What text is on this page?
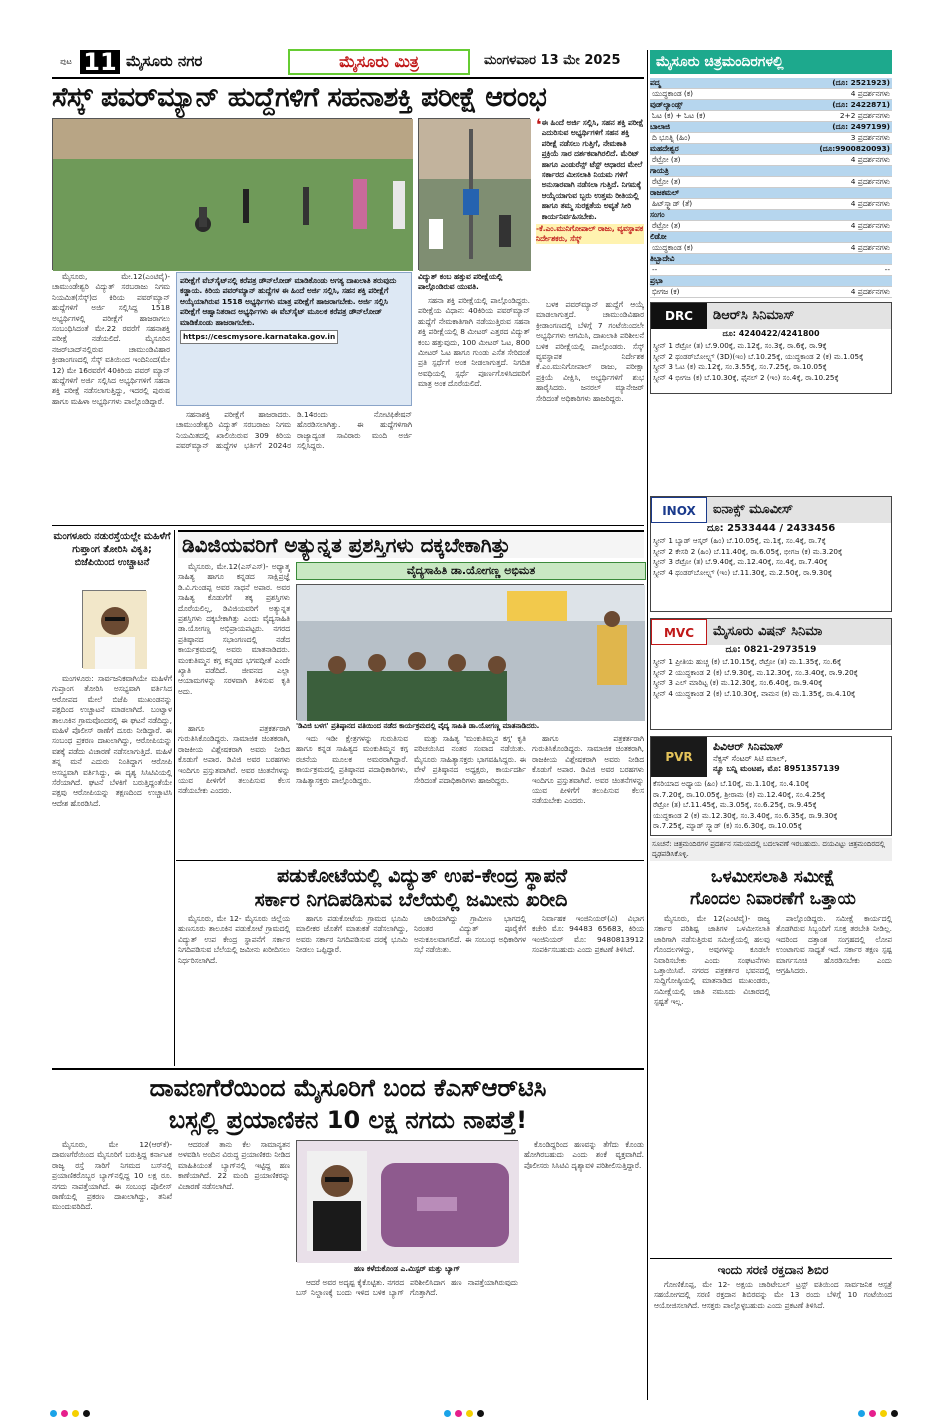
ಪುಟ 11 ಮೈಸೂರು ನಗರ	ಮೈಸೂರು ಮಿತ್ರ	ಮಂಗಳವಾರ 13 ಮೇ 2025
ಸೆಸ್ಕ್ ಪವರ್‌ಮ್ಯಾನ್ ಹುದ್ದೆಗಳಿಗೆ ಸಹನಾಶಕ್ತಿ ಪರೀಕ್ಷೆ ಆರಂಭ
ವಿದ್ಯುತ್ ಕಂಬ ಹತ್ತುವ ಪರೀಕ್ಷೆಯಲ್ಲಿ ಪಾಲ್ಗೊಂಡಿರುವ ಯುವತಿ.
❛ ಈ ಹಿಂದೆ ಅರ್ಜಿ ಸಲ್ಲಿಸಿ, ಸಹನ ಶಕ್ತಿ ಪರೀಕ್ಷೆ ಎದುರಿಸುವ ಅಭ್ಯರ್ಥಿಗಳಿಗೆ ಸಹನ ಶಕ್ತಿ ಪರೀಕ್ಷೆ ನಡೆಸಲು ಗುತ್ತಿಗೆ, ನೇಮಕಾತಿ ಪ್ರಕ್ರಿಯೆ ಸಾರ ದರ್ಶಕವಾಗಿರಲಿದೆ. ಮೆರಿಟ್ ಹಾಗೂ ಎಂಡುರೆನ್ಸ್ ಟೆಸ್ಟ್ ಆಧಾರದ ಮೇಲೆ ಸರ್ಕಾರದ ಮೀಸಲಾತಿ ನಿಯಮ ಗಳಿಗೆ ಅನುಸಾರವಾಗಿ ನಡೆಸಲಾ ಗುತ್ತಿದೆ. ನಿಗಮಕ್ಕೆ ಆಯ್ಕೆಯಾಗುವ ಬ್ಬರು ಉತ್ತಮ ರೀತಿಯಲ್ಲಿ ಹಾಗೂ ತಮ್ಮ ಸುರಕ್ಷತೆಯ ಅವ್ಯತೆ ಸೀರಿ ಕಾರ್ಯನಿರ್ವಹಿಸಬೇಕು.
-ಕೆ.ಎಂ.ಮುನಿಗೋಪಾಲ್ ರಾಜು, ವ್ಯವಸ್ಥಾಪಕ ನಿರ್ದೇಶಕರು, ಸೆಸ್ಕ್

ಮೈಸೂರು, ಮೇ.12(ಎಂಟಿವೈ)- ಚಾಮುಂಡೇಶ್ವರಿ ವಿದ್ಯುತ್ ಸರಬರಾಜು ನಿಗಮ ನಿಯಮಿತ(ಸೆಸ್ಕ್)ದ ಕಿರಿಯ ಪವರ್‌ಮ್ಯಾನ್ ಹುದ್ದೆಗಳಿಗೆ ಅರ್ಜಿ ಸಲ್ಲಿಸಿದ್ದ 1518 ಅಭ್ಯರ್ಥಿಗಳಲ್ಲಿ ಪರೀಕ್ಷೆಗೆ ಹಾಜರಾಗಲು ಸಂಬಂಧಿಸಿದಂತೆ ಮೇ.22 ರವರೆಗೆ ಸಹನಾಶಕ್ತಿ ಪರೀಕ್ಷೆ ನಡೆಯಲಿದೆ. ಮೈಸೂರಿನ ನಜರ್‌ಬಾದ್‌ನಲ್ಲಿರುವ ಚಾಮುಂಡಿವಿಹಾರ ಕ್ರೀಡಾಂಗಣದಲ್ಲಿ ಸೆಸ್ಕ್ ವತಿಯಿಂದ ಇಂದಿನಿಂದ(ಮೇ 12) ಮೇ 16ರವರೆಗೆ 40ಕಿರಿಯ ಪವರ್ ಮ್ಯಾನ್ ಹುದ್ದೆಗಳಿಗೆ ಅರ್ಜಿ ಸಲ್ಲಿಸಿದ ಅಭ್ಯರ್ಥಿಗಳಿಗೆ ಸಹನಾ ಶಕ್ತಿ ಪರೀಕ್ಷೆ ನಡೆಸಲಾಗುತ್ತಿದ್ದು, ಇದರಲ್ಲಿ ಪುರುಷ ಹಾಗೂ ಮಹಿಳಾ ಅಭ್ಯರ್ಥಿಗಳು ಪಾಲ್ಗೊಂಡಿದ್ದಾರೆ.

ಪರೀಕ್ಷೆಗೆ ವೆಬ್‌ಸೈಟ್‌ನಲ್ಲಿ ಕರೆಪತ್ರ ಡೌನ್‌ಲೋಡ್ ಮಾಡಿಕೊಂಡು ಅಗತ್ಯ ದಾಖಲಾತಿ ತರುವುದು ಕಡ್ಡಾಯ. ಕಿರಿಯ ಪವರ್‌ಮ್ಯಾನ್ ಹುದ್ದೆಗಳ ಈ ಹಿಂದೆ ಅರ್ಜಿ ಸಲ್ಲಿಸಿ, ಸಹನ ಶಕ್ತಿ ಪರೀಕ್ಷೆಗೆ ಆಯ್ಕೆಯಾಗಿರುವ 1518 ಅಭ್ಯರ್ಥಿಗಳು ಮಾತ್ರ ಪರೀಕ್ಷೆಗೆ ಹಾಜರಾಗಬೇಕು. ಅರ್ಜಿ ಸಲ್ಲಿಸಿ ಪರೀಕ್ಷೆಗೆ ಆಹ್ವಾನಿತರಾದ ಅಭ್ಯರ್ಥಿಗಳು ಈ ವೆಬ್‌ಸೈಟ್ ಮೂಲಕ ಕರೆಪತ್ರ ಡೌನ್‌ಲೋಡ್ ಮಾಡಿಕೊಂಡು ಹಾಜರಾಗಬೇಕು.
https://cescmysore.karnataka.gov.in

ಸಹನಾಶಕ್ತಿ ಪರೀಕ್ಷೆಗೆ ಹಾಜರಾದರು. ಚಾಮುಂಡೇಶ್ವರಿ ವಿದ್ಯುತ್ ಸರಬರಾಜು ನಿಗಮ ನಿಯಮಿತದಲ್ಲಿ ಖಾಲಿಯಿರುವ 309 ಕಿರಿಯ ಪವರ್‌ಮ್ಯಾನ್ ಹುದ್ದೆಗಳ ಭರ್ತಿಗೆ 2024ರ ಡಿ.14ರಂದು ನೋಟಿಫಿಕೇಷನ್ ಹೊರಡಿಸಲಾಗಿತ್ತು. ಈ ಹುದ್ದೆಗಳಿಗಾಗಿ ರಾಜ್ಯಾದ್ಯಂತ ಸಾವಿರಾರು ಮಂದಿ ಅರ್ಜಿ ಸಲ್ಲಿಸಿದ್ದರು.

ಸಹನಾ ಶಕ್ತಿ ಪರೀಕ್ಷೆಯಲ್ಲಿ ಪಾಲ್ಗೊಂಡಿದ್ದರು. ಪರೀಕ್ಷೆಯ ವಿಧಾನ: 40ಕಿರಿಯ ಪವರ್‌ಮ್ಯಾನ್ ಹುದ್ದೆಗೆ ನೇಮಕಾತಿಗಾಗಿ ನಡೆಯುತ್ತಿರುವ ಸಹನಾ ಶಕ್ತಿ ಪರೀಕ್ಷೆಯಲ್ಲಿ 8 ಮೀಟರ್ ಎತ್ತರದ ವಿದ್ಯುತ್ ಕಂಬ ಹತ್ತುವುದು, 100 ಮೀಟರ್ ಓಟ, 800 ಮೀಟರ್ ಓಟ ಹಾಗೂ ಗುಂಡು ಎಸೆತ ಸೇರಿದಂತೆ ಪ್ರತಿ ಸ್ಪರ್ಧೆಗೆ ಅಂಕ ನೀಡಲಾಗುತ್ತದೆ. ನಿಗದಿತ ಅವಧಿಯಲ್ಲಿ ಸ್ಪರ್ಧೆ ಪೂರ್ಣಗೊಳಿಸಿದವರಿಗೆ ಮಾತ್ರ ಅಂಕ ದೊರೆಯಲಿದೆ.

ಬಳಕ ಪವರ್‌ಮ್ಯಾನ್ ಹುದ್ದೆಗೆ ಆಯ್ಕೆ ಮಾಡಲಾಗುತ್ತದೆ. ಚಾಮುಂಡಿವಿಹಾರ ಕ್ರೀಡಾಂಗಣದಲ್ಲಿ ಬೆಳಿಗ್ಗೆ 7 ಗಂಟೆಯಿಂದಲೇ ಅಭ್ಯರ್ಥಿಗಳು ಆಗಮಿಸಿ, ದಾಖಲಾತಿ ಪರಿಶೀಲನೆ ಬಳಿಕ ಪರೀಕ್ಷೆಯಲ್ಲಿ ಪಾಲ್ಗೊಂಡರು. ಸೆಸ್ಕ್ ವ್ಯವಸ್ಥಾಪಕ ನಿರ್ದೇಶಕ ಕೆ.ಎಂ.ಮುನಿಗೋಪಾಲ್ ರಾಜು, ಪರೀಕ್ಷಾ ಪ್ರಕ್ರಿಯೆ ವೀಕ್ಷಿಸಿ, ಅಭ್ಯರ್ಥಿಗಳಿಗೆ ಶುಭ ಹಾರೈಸಿದರು. ಜನರಲ್ ಮ್ಯಾನೇಜರ್ ಸೇರಿದಂತೆ ಅಧಿಕಾರಿಗಳು ಹಾಜರಿದ್ದರು.

ಮಂಗಳೂರು ನಡುರಸ್ತೆಯಲ್ಲೇ ಮಹಿಳೆಗೆ ಗುಪ್ತಾಂಗ ತೋರಿಸಿ ವಿಕೃತಿ; ಬಿಜೆಪಿಯಿಂದ ಉಚ್ಚಾಟನೆ

ಮಂಗಳೂರು: ಸಾರ್ವಜನಿಕವಾಗಿಯೇ ಮಹಿಳೆಗೆ ಗುಪ್ತಾಂಗ ತೋರಿಸಿ ಅಸಭ್ಯವಾಗಿ ವರ್ತಿಸಿದ ಆರೋಪದ ಮೇಲೆ ಬಿಜೆಪಿ ಮುಖಂಡನನ್ನು ಪಕ್ಷದಿಂದ ಉಚ್ಚಾಟನೆ ಮಾಡಲಾಗಿದೆ. ಬಂಟ್ವಾಳ ತಾಲೂಕಿನ ಗ್ರಾಮವೊಂದರಲ್ಲಿ ಈ ಘಟನೆ ನಡೆದಿದ್ದು, ಮಹಿಳೆ ಪೊಲೀಸ್ ಠಾಣೆಗೆ ದೂರು ನೀಡಿದ್ದಾರೆ. ಈ ಸಂಬಂಧ ಪ್ರಕರಣ ದಾಖಲಾಗಿದ್ದು, ಆರೋಪಿಯನ್ನು ವಶಕ್ಕೆ ಪಡೆದು ವಿಚಾರಣೆ ನಡೆಸಲಾಗುತ್ತಿದೆ. ಮಹಿಳೆ ತನ್ನ ಮನೆ ಎದುರು ನಿಂತಿದ್ದಾಗ ಆರೋಪಿ ಅಸಭ್ಯವಾಗಿ ವರ್ತಿಸಿದ್ದು, ಈ ದೃಶ್ಯ ಸಿಸಿಟಿವಿಯಲ್ಲಿ ಸೆರೆಯಾಗಿದೆ. ಘಟನೆ ಬೆಳಕಿಗೆ ಬರುತ್ತಿದ್ದಂತೆಯೇ ಪಕ್ಷವು ಆರೋಪಿಯನ್ನು ತಕ್ಷಣದಿಂದ ಉಚ್ಚಾಟಿಸಿ ಆದೇಶ ಹೊರಡಿಸಿದೆ.

ಡಿವಿಜಿಯವರಿಗೆ ಅತ್ಯುನ್ನತ ಪ್ರಶಸ್ತಿಗಳು ದಕ್ಕಬೇಕಾಗಿತ್ತು
ವೈದ್ಯಸಾಹಿತಿ ಡಾ.ಯೋಗಣ್ಣ ಅಭಿಮತ

ಮೈಸೂರು, ಮೇ.12(ಎಸ್‌ಎಸ್)- ಅಧ್ಯಾತ್ಮ ಸಾಹಿತ್ಯ ಹಾಗೂ ಕನ್ನಡದ ಸಾಕ್ಷಿಪ್ರಜ್ಞೆ ಡಿ.ವಿ.ಗುಂಡಪ್ಪ ಅವರ ಸಾಧನೆ ಅಪಾರ. ಅವರ ಸಾಹಿತ್ಯ ಕೊಡುಗೆಗೆ ತಕ್ಕ ಪ್ರಶಸ್ತಿಗಳು ದೊರೆಯಲಿಲ್ಲ, ಡಿವಿಜಿಯವರಿಗೆ ಅತ್ಯುನ್ನತ ಪ್ರಶಸ್ತಿಗಳು ದಕ್ಕಬೇಕಾಗಿತ್ತು ಎಂದು ವೈದ್ಯಸಾಹಿತಿ ಡಾ.ಯೋಗಣ್ಣ ಅಭಿಪ್ರಾಯಪಟ್ಟರು. ನಗರದ ಪ್ರತಿಷ್ಠಾನದ ಸಭಾಂಗಣದಲ್ಲಿ ನಡೆದ ಕಾರ್ಯಕ್ರಮದಲ್ಲಿ ಅವರು ಮಾತನಾಡಿದರು. ಮಂಕುತಿಮ್ಮನ ಕಗ್ಗ ಕನ್ನಡದ ಭಗವದ್ಗೀತೆ ಎಂದೇ ಖ್ಯಾತಿ ಪಡೆದಿದೆ. ಜೀವನದ ಎಲ್ಲಾ ಆಯಾಮಗಳನ್ನು ಸರಳವಾಗಿ ತಿಳಿಸುವ ಕೃತಿ ಅದು.

'ಡಿವಿಜಿ ಬಳಗ' ಪ್ರತಿಷ್ಠಾನದ ವತಿಯಿಂದ ನಡೆದ ಕಾರ್ಯಕ್ರಮದಲ್ಲಿ ವೈದ್ಯ ಸಾಹಿತಿ ಡಾ.ಯೋಗಣ್ಣ ಮಾತನಾಡಿದರು.

ಹಾಗೂ ಪತ್ರಕರ್ತರಾಗಿ ಗುರುತಿಸಿಕೊಂಡಿದ್ದರು. ಸಾಮಾಜಿಕ ಚಿಂತಕರಾಗಿ, ರಾಜಕೀಯ ವಿಶ್ಲೇಷಕರಾಗಿ ಅವರು ನೀಡಿದ ಕೊಡುಗೆ ಅಪಾರ. ಡಿವಿಜಿ ಅವರ ಬರಹಗಳು ಇಂದಿಗೂ ಪ್ರಸ್ತುತವಾಗಿವೆ. ಅವರ ಚಿಂತನೆಗಳನ್ನು ಯುವ ಪೀಳಿಗೆಗೆ ತಲುಪಿಸುವ ಕೆಲಸ ನಡೆಯಬೇಕು ಎಂದರು.

ಇದು ಇಡೀ ಕ್ಷೇತ್ರಗಳನ್ನು ಗುರುತಿಸುವ ಹಾಗೂ ಕನ್ನಡ ಸಾಹಿತ್ಯದ ಮಂಕುತಿಮ್ಮನ ಕಗ್ಗ ರಚನೆಯ ಮೂಲಕ ಅಮರರಾಗಿದ್ದಾರೆ. ಕಾರ್ಯಕ್ರಮದಲ್ಲಿ ಪ್ರತಿಷ್ಠಾನದ ಪದಾಧಿಕಾರಿಗಳು, ಸಾಹಿತ್ಯಾಸಕ್ತರು ಪಾಲ್ಗೊಂಡಿದ್ದರು.

ಮತ್ತು ಸಾಹಿತ್ಯ 'ಮಂಕುತಿಮ್ಮನ ಕಗ್ಗ' ಕೃತಿ ಪರಿಚಯಿಸಿದ ನಂತರ ಸಂವಾದ ನಡೆಯಿತು. ಮೈಸೂರು ಸಾಹಿತ್ಯಾಸಕ್ತರು ಭಾಗವಹಿಸಿದ್ದರು. ಈ ವೇಳೆ ಪ್ರತಿಷ್ಠಾನದ ಅಧ್ಯಕ್ಷರು, ಕಾರ್ಯದರ್ಶಿ ಸೇರಿದಂತೆ ಪದಾಧಿಕಾರಿಗಳು ಹಾಜರಿದ್ದರು.

ಹಾಗೂ ಪತ್ರಕರ್ತರಾಗಿ ಗುರುತಿಸಿಕೊಂಡಿದ್ದರು. ಸಾಮಾಜಿಕ ಚಿಂತಕರಾಗಿ, ರಾಜಕೀಯ ವಿಶ್ಲೇಷಕರಾಗಿ ಅವರು ನೀಡಿದ ಕೊಡುಗೆ ಅಪಾರ. ಡಿವಿಜಿ ಅವರ ಬರಹಗಳು ಇಂದಿಗೂ ಪ್ರಸ್ತುತವಾಗಿವೆ. ಅವರ ಚಿಂತನೆಗಳನ್ನು ಯುವ ಪೀಳಿಗೆಗೆ ತಲುಪಿಸುವ ಕೆಲಸ ನಡೆಯಬೇಕು ಎಂದರು.

ಪಡುಕೋಟೆಯಲ್ಲಿ ವಿದ್ಯುತ್ ಉಪ-ಕೇಂದ್ರ ಸ್ಥಾಪನೆ
ಸರ್ಕಾರ ನಿಗದಿಪಡಿಸುವ ಬೆಲೆಯಲ್ಲಿ ಜಮೀನು ಖರೀದಿ

ಮೈಸೂರು, ಮೇ 12- ಮೈಸೂರು ಜಿಲ್ಲೆಯ ಹುಣಸೂರು ತಾಲೂಕಿನ ಪಡುಕೋಟೆ ಗ್ರಾಮದಲ್ಲಿ ವಿದ್ಯುತ್ ಉಪ ಕೇಂದ್ರ ಸ್ಥಾಪನೆಗೆ ಸರ್ಕಾರ ನಿಗದಿಪಡಿಸುವ ಬೆಲೆಯಲ್ಲಿ ಜಮೀನು ಖರೀದಿಸಲು ನಿರ್ಧರಿಸಲಾಗಿದೆ.

ಹಾಗೂ ಪಡುಕೋಟೆಯ ಗ್ರಾಮದ ಭೂಮಿ ಮಾಲೀಕರ ಜೊತೆಗೆ ಮಾತುಕತೆ ನಡೆಸಲಾಗಿದ್ದು, ಅವರು ಸರ್ಕಾರ ನಿಗದಿಪಡಿಸುವ ದರಕ್ಕೆ ಭೂಮಿ ನೀಡಲು ಒಪ್ಪಿದ್ದಾರೆ.

ಜಾರಿಯಾಗಿದ್ದು ಗ್ರಾಮೀಣ ಭಾಗದಲ್ಲಿ ನಿರಂತರ ವಿದ್ಯುತ್ ಪೂರೈಕೆಗೆ ಅನುಕೂಲವಾಗಲಿದೆ. ಈ ಸಂಬಂಧ ಅಧಿಕಾರಿಗಳ ಸಭೆ ನಡೆಯಿತು.

ನಿರ್ವಾಹಕ ಇಂಜಿನಿಯರ್(ವಿ) ವಿಭಾಗ ಕಚೇರಿ ಮೊ: 94483 65683, ಕಿರಿಯ ಇಂಜಿನಿಯರ್ ಮೊ: 9480813912 ಸಂಪರ್ಕಿಸಬಹುದು ಎಂದು ಪ್ರಕಟಣೆ ತಿಳಿಸಿದೆ.

ದಾವಣಗೆರೆಯಿಂದ ಮೈಸೂರಿಗೆ ಬಂದ ಕೆಎಸ್‌ಆರ್‌ಟಿಸಿ
ಬಸ್ಸಲ್ಲಿ ಪ್ರಯಾಣಿಕನ 10 ಲಕ್ಷ ನಗದು ನಾಪತ್ತೆ!

ಮೈಸೂರು, ಮೇ 12(ಆರ್‌ಕೆ)- ದಾವಣಗೆರೆಯಿಂದ ಮೈಸೂರಿಗೆ ಬರುತ್ತಿದ್ದ ಕರ್ನಾಟಕ ರಾಜ್ಯ ರಸ್ತೆ ಸಾರಿಗೆ ನಿಗಮದ ಬಸ್‌ನಲ್ಲಿ ಪ್ರಯಾಣಿಕರೊಬ್ಬರ ಬ್ಯಾಗ್‌ನಲ್ಲಿದ್ದ 10 ಲಕ್ಷ ರೂ. ನಗದು ನಾಪತ್ತೆಯಾಗಿದೆ. ಈ ಸಂಬಂಧ ಪೊಲೀಸ್ ಠಾಣೆಯಲ್ಲಿ ಪ್ರಕರಣ ದಾಖಲಾಗಿದ್ದು, ತನಿಖೆ ಮುಂದುವರಿದಿದೆ.

ಆದರಂತೆ ತಾನು ಕೆಲ ಸಾಮಾನ್ಯತನ ಅಳವಡಿಸಿ ಅಂದಿನ ವಿರುದ್ಧ ಪ್ರಯಾಣಿಕರು ನೀಡಿದ ಮಾಹಿತಿಯಂತೆ ಬ್ಯಾಗ್‌ನಲ್ಲಿ ಇಟ್ಟಿದ್ದ ಹಣ ಕಾಣೆಯಾಗಿದೆ. 22 ಮಂದಿ ಪ್ರಯಾಣಿಕರನ್ನು ವಿಚಾರಣೆ ನಡೆಸಲಾಗಿದೆ.

ಹಣ ಕಳೆದುಕೊಂಡ ಎ.ಮಿಸ್ಟರ್ ಮತ್ತು ಬ್ಯಾಗ್

ಆದರೆ ಅವರ ಅದೃಷ್ಟ ಕೈಕೊಟ್ಟಿತು. ನಗರದ ಬಸ್ ನಿಲ್ದಾಣಕ್ಕೆ ಬಂದು ಇಳಿದ ಬಳಿಕ ಬ್ಯಾಗ್ ಪರಿಶೀಲಿಸಿದಾಗ ಹಣ ನಾಪತ್ತೆಯಾಗಿರುವುದು ಗೊತ್ತಾಗಿದೆ.

ಕೊಂಡಿದ್ದರಿಂದ ಹಣವನ್ನು ತೆಗೆದು ಕೊಂಡು ಹೋಗಿರಬಹುದು ಎಂದು ಶಂಕೆ ವ್ಯಕ್ತವಾಗಿದೆ. ಪೊಲೀಸರು ಸಿಸಿಟಿವಿ ದೃಶ್ಯಾವಳಿ ಪರಿಶೀಲಿಸುತ್ತಿದ್ದಾರೆ.

ಮೈಸೂರು ಚಿತ್ರಮಂದಿರಗಳಲ್ಲಿ
ಪದ್ಮ	(ದೂ: 2521923)
ಯುದ್ಧಕಾಂಡ (ಕ)	4 ಪ್ರದರ್ಶನಗಳು
ವುಡ್‌ಲ್ಯಾಂಡ್ಸ್	(ದೂ: 2422871)
ಓಟ (ಕ) + ಓಟ (ಕ)	2+2 ಪ್ರದರ್ಶನಗಳು
ಬಾಲಾಜಿ	(ದೂ: 2497199)
ದಿ ಭೂತ್ನಿ (ಹಿಂ)	3 ಪ್ರದರ್ಶನಗಳು
ಮಹದೇಶ್ವರ	(ದೂ:9900820093)
ರೆಟ್ರೋ (ತ)	4 ಪ್ರದರ್ಶನಗಳು
ಗಾಯತ್ರಿ
ರೆಟ್ರೋ (ತ)	4 ಪ್ರದರ್ಶನಗಳು
ರಾಜಕಮಲ್
ಹಿಟ್‌ಸ್ಕ್ವಾಡ್ (ತೆ)	4 ಪ್ರದರ್ಶನಗಳು
ಸಂಗಂ
ರೆಟ್ರೋ (ತ)	4 ಪ್ರದರ್ಶನಗಳು
ಲಿಡೋ
ಯುದ್ಧಕಾಂಡ (ಕ)	4 ಪ್ರದರ್ಶನಗಳು
ತಿಬ್ಬಾದೇವಿ
--	--
ಪ್ರಭಾ
ಭೀಗಜ (ಕ)	4 ಪ್ರದರ್ಶನಗಳು
DRC	ಡಿಆರ್‌ಸಿ ಸಿನಿಮಾಸ್
ದೂ: 4240422/4241800
ಸ್ಕ್ರೀನ್ 1 ರೆಟ್ರೋ (ತ) ಬೆ.9.00ಕ್ಕೆ, ಮ.12ಕ್ಕೆ, ಸಂ.3ಕ್ಕೆ, ರಾ.6ಕ್ಕೆ, ರಾ.9ಕ್ಕೆ
ಸ್ಕ್ರೀನ್ 2 ಥಂಡರ್‌ಬೋಲ್ಟ್ಸ್ (3D)(ಇಂ) ಬೆ.10.25ಕ್ಕೆ, ಯುದ್ಧಕಾಂಡ 2 (ಕ) ಮ.1.05ಕ್ಕೆ
ಸ್ಕ್ರೀನ್ 3 ಓಟ (ಕ) ಮ.12ಕ್ಕೆ, ಸಂ.3.55ಕ್ಕೆ, ಸಂ.7.25ಕ್ಕೆ, ರಾ.10.05ಕ್ಕೆ
ಸ್ಕ್ರೀನ್ 4 ಭೀಗಜ (ಕ) ಬೆ.10.30ಕ್ಕೆ, ಫೈನಲ್ 2 (ಇಂ) ಸಂ.4ಕ್ಕೆ, ರಾ.10.25ಕ್ಕೆ
INOX	ಐನಾಕ್ಸ್ ಮೂವೀಸ್
ದೂ: 2533444 / 2433456
ಸ್ಕ್ರೀನ್ 1 ಬ್ಯಾಡ್ ಆಸ್ಕರ್ (ಹಿಂ) ಬೆ.10.05ಕ್ಕೆ, ಮ.1ಕ್ಕೆ, ಸಂ.4ಕ್ಕೆ, ರಾ.7ಕ್ಕೆ
ಸ್ಕ್ರೀನ್ 2 ಕೇಸರಿ 2 (ಹಿಂ) ಬೆ.11.40ಕ್ಕೆ, ರಾ.6.05ಕ್ಕೆ, ಭೀಗಜ (ಕ) ಮ.3.20ಕ್ಕೆ
ಸ್ಕ್ರೀನ್ 3 ರೆಟ್ರೋ (ತ) ಬೆ.9.40ಕ್ಕೆ, ಮ.12.40ಕ್ಕೆ, ಸಂ.4ಕ್ಕೆ, ರಾ.7.40ಕ್ಕೆ
ಸ್ಕ್ರೀನ್ 4 ಥಂಡರ್‌ಬೋಲ್ಟ್ಸ್ (ಇಂ) ಬೆ.11.30ಕ್ಕೆ, ಮ.2.50ಕ್ಕೆ, ರಾ.9.30ಕ್ಕೆ
MVC	ಮೈಸೂರು ವಿಷನ್ ಸಿನಿಮಾ
ದೂ: 0821-2973519
ಸ್ಕ್ರೀನ್ 1 ಪ್ರೀತಿಯ ಹುಚ್ಚ (ಕ) ಬೆ.10.15ಕ್ಕೆ, ರೆಟ್ರೋ (ತ) ಮ.1.35ಕ್ಕೆ, ಸಂ.6ಕ್ಕೆ
ಸ್ಕ್ರೀನ್ 2 ಯುದ್ಧಕಾಂಡ 2 (ಕ) ಬೆ.9.30ಕ್ಕೆ, ಮ.12.30ಕ್ಕೆ, ಸಂ.3.40ಕ್ಕೆ, ರಾ.9.20ಕ್ಕೆ
ಸ್ಕ್ರೀನ್ 3 ಎಲ್ ಮಾರಿಟ್ಟ (ಕ) ಮ.12.30ಕ್ಕೆ, ಸಂ.6.40ಕ್ಕೆ, ರಾ.9.40ಕ್ಕೆ
ಸ್ಕ್ರೀನ್ 4 ಯುದ್ಧಕಾಂಡ 2 (ಕ) ಬೆ.10.30ಕ್ಕೆ, ವಾಮನ (ಕ) ಮ.1.35ಕ್ಕೆ, ರಾ.4.10ಕ್ಕೆ
PVR
ಪಿವಿಆರ್ ಸಿನಿಮಾಸ್
ನೆಕ್ಸಸ್ ಸೆಂಟರ್ ಸಿಟಿ ಮಾಲ್,
ನ್ಯೂ ಬನ್ನಿ ಮಂಟಪ, ಮೊ: 8951357139
ಕೆಸರಿಯಾದ ಅಧ್ಯಾಯ (ಹಿಂ) ಬೆ.10ಕ್ಕೆ, ಮ.1.10ಕ್ಕೆ, ಸಂ.4.10ಕ್ಕೆ
ರಾ.7.20ಕ್ಕೆ, ರಾ.10.05ಕ್ಕೆ, ಶ್ರೀರಾಮ (ಕ) ಮ.12.40ಕ್ಕೆ, ಸಂ.4.25ಕ್ಕೆ
ರೆಟ್ರೋ (ತ) ಬೆ.11.45ಕ್ಕೆ, ಮ.3.05ಕ್ಕೆ, ಸಂ.6.25ಕ್ಕೆ, ರಾ.9.45ಕ್ಕೆ
ಯುದ್ಧಕಾಂಡ 2 (ಕ) ಮ.12.30ಕ್ಕೆ, ಸಂ.3.40ಕ್ಕೆ, ಸಂ.6.35ಕ್ಕೆ, ರಾ.9.30ಕ್ಕೆ
ರಾ.7.25ಕ್ಕೆ, ಮ್ಯಾಡ್ ಸ್ಕ್ವಾಡ್ (ಕ) ಸಂ.6.30ಕ್ಕೆ, ರಾ.10.05ಕ್ಕೆ
ಸೂಚನೆ: ಚಿತ್ರಮಂದಿರಗಳ ಪ್ರದರ್ಶನ ಸಮಯದಲ್ಲಿ ಬದಲಾವಣೆ ಇರಬಹುದು. ದಯವಿಟ್ಟು ಚಿತ್ರಮಂದಿರದಲ್ಲಿ ದೃಢಪಡಿಸಿಕೊಳ್ಳಿ.
ಒಳಮೀಸಲಾತಿ ಸಮೀಕ್ಷೆ
ಗೊಂದಲ ನಿವಾರಣೆಗೆ ಒತ್ತಾಯ

ಮೈಸೂರು, ಮೇ 12(ಎಂಟಿವೈ)- ರಾಜ್ಯ ಸರ್ಕಾರ ಪರಿಶಿಷ್ಟ ಜಾತಿಗಳ ಒಳಮೀಸಲಾತಿ ಜಾರಿಗಾಗಿ ನಡೆಸುತ್ತಿರುವ ಸಮೀಕ್ಷೆಯಲ್ಲಿ ಹಲವು ಗೊಂದಲಗಳಿದ್ದು, ಅವುಗಳನ್ನು ಕೂಡಲೇ ನಿವಾರಿಸಬೇಕು ಎಂದು ಸಂಘಟನೆಗಳು ಒತ್ತಾಯಿಸಿವೆ. ನಗರದ ಪತ್ರಕರ್ತರ ಭವನದಲ್ಲಿ ಸುದ್ದಿಗೋಷ್ಠಿಯಲ್ಲಿ ಮಾತನಾಡಿದ ಮುಖಂಡರು, ಸಮೀಕ್ಷೆಯಲ್ಲಿ ಜಾತಿ ನಮೂದು ವಿಚಾರದಲ್ಲಿ ಸ್ಪಷ್ಟತೆ ಇಲ್ಲ.

ಪಾಲ್ಗೊಂಡಿದ್ದರು. ಸಮೀಕ್ಷೆ ಕಾರ್ಯದಲ್ಲಿ ತೊಡಗಿರುವ ಸಿಬ್ಬಂದಿಗೆ ಸೂಕ್ತ ತರಬೇತಿ ನೀಡಿಲ್ಲ. ಇದರಿಂದ ದತ್ತಾಂಶ ಸಂಗ್ರಹದಲ್ಲಿ ಲೋಪ ಉಂಟಾಗುವ ಸಾಧ್ಯತೆ ಇದೆ. ಸರ್ಕಾರ ತಕ್ಷಣ ಸ್ಪಷ್ಟ ಮಾರ್ಗಸೂಚಿ ಹೊರಡಿಸಬೇಕು ಎಂದು ಆಗ್ರಹಿಸಿದರು.

ಇಂದು ಸರಣಿ ರಕ್ತದಾನ ಶಿಬಿರ

ಗೋಣಿಕೊಪ್ಪ, ಮೇ 12- ಅಕ್ಷಯ ಚಾರಿಟೇಬಲ್ ಟ್ರಸ್ಟ್ ವತಿಯಿಂದ ಸಾರ್ವಜನಿಕ ಆಸ್ಪತ್ರೆ ಸಹಯೋಗದಲ್ಲಿ ಸರಣಿ ರಕ್ತದಾನ ಶಿಬಿರವನ್ನು ಮೇ 13 ರಂದು ಬೆಳಿಗ್ಗೆ 10 ಗಂಟೆಯಿಂದ ಆಯೋಜಿಸಲಾಗಿದೆ. ಆಸಕ್ತರು ಪಾಲ್ಗೊಳ್ಳಬಹುದು ಎಂದು ಪ್ರಕಟಣೆ ತಿಳಿಸಿದೆ.
